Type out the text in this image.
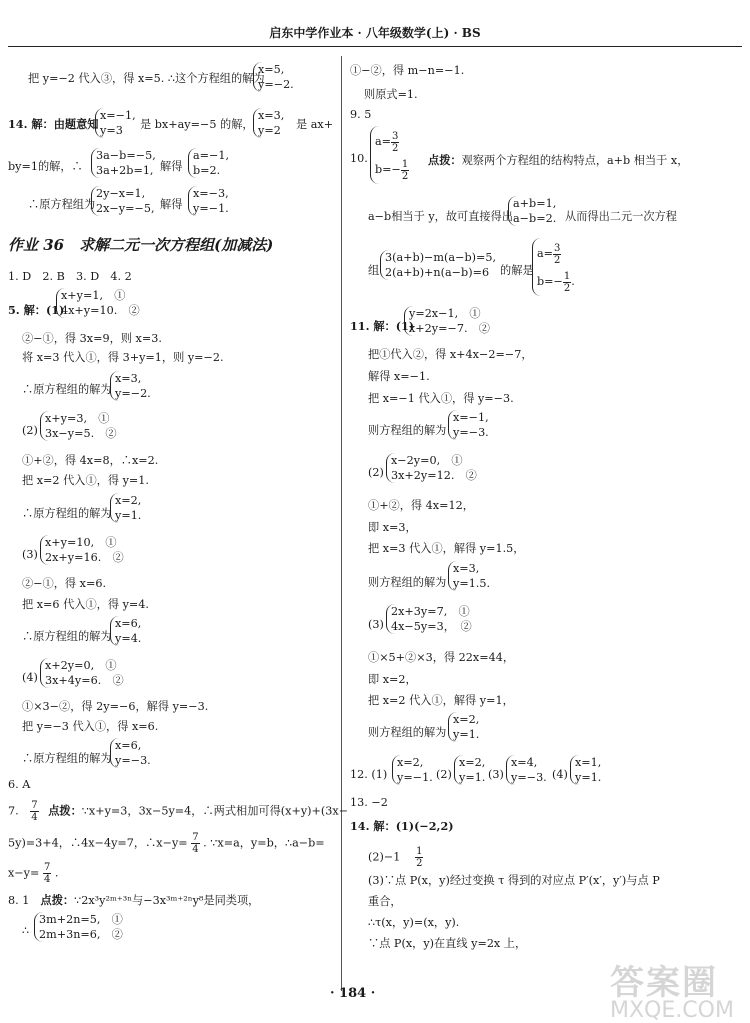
启东中学作业本 · 八年级数学(上) · BS
把 y=−2 代入③，得 x=5. ∴这个方程组的解为
x=5,
y=−2.
14. 解：由题意知
x=−1,
y=3	是 bx+ay=−5 的解，
x=3,
y=2	是 ax+
by=1的解，∴
3a−b=−5,
3a+2b=1, 解得
a=−1,
b=2.
∴原方程组为
2y−x=1,
2x−y=−5, 解得
x=−3,
y=−1.
作业 36　求解二元一次方程组(加减法)
1. D　2. B　3. D　4. 2
5. 解：(1)
x+y=1,　①
4x+y=10.　②
②−①，得 3x=9，则 x=3.
将 x=3 代入①，得 3+y=1，则 y=−2.
∴原方程组的解为
x=3,
y=−2.
(2)
x+y=3,　①
3x−y=5.　②
①+②，得 4x=8，∴x=2.
把 x=2 代入①，得 y=1.
∴原方程组的解为
x=2,
y=1.
(3)
x+y=10,　①
2x+y=16.　②
②−①，得 x=6.
把 x=6 代入①，得 y=4.
∴原方程组的解为
x=6,
y=4.
(4)
x+2y=0,　①
3x+4y=6.　②
①×3−②，得 2y=−6，解得 y=−3.
把 y=−3 代入①，得 x=6.
∴原方程组的解为
x=6,
y=−3.
6. A
7. $\frac{7}{4}$ 点拨：∵x+y=3，3x−5y=4，∴两式相加可得(x+y)+(3x−
5y)=3+4，∴4x−4y=7，∴x−y= $\frac{7}{4}$ . ∵x=a，y=b，∴a−b=
$x-y= \frac{7}{4}$ .
8. 1　点拨：∵2x³y²ᵐ⁺³ⁿ与−3x³ᵐ⁺²ⁿy⁸是同类项，
∴
3m+2n=5,　①
2m+3n=6,　②
①−②，得 m−n=−1.
则原式=1.
9. 5
10.
$a= \frac{3}{2}$
$b=- \frac{1}{2}$ 点拨：观察两个方程组的结构特点，a+b 相当于 x，
a−b相当于 y，故可直接得出
a+b=1,
a−b=2. 从而得出二元一次方程
组
3(a+b)−m(a−b)=5,
2(a+b)+n(a−b)=6 的解是
$a= \frac{3}{2}$
$b=- \frac{1}{2}$ .
11. 解：(1)
y=2x−1,　①
x+2y=−7.　②
把①代入②，得 x+4x−2=−7，
解得 x=−1.
把 x=−1 代入①，得 y=−3.
则方程组的解为
x=−1,
y=−3.
(2)
x−2y=0,　①
3x+2y=12.　②
①+②，得 4x=12，
即 x=3，
把 x=3 代入①，解得 y=1.5，
则方程组的解为
x=3,
y=1.5.
(3)
2x+3y=7,　①
4x−5y=3，　②
①×5+②×3，得 22x=44，
即 x=2，
把 x=2 代入①，解得 y=1，
则方程组的解为
x=2,
y=1.
12. (1)
x=2,
y=−1. (2)
x=2,
y=1. (3)
x=4,
y=−3. (4)
x=1,
y=1.
13. −2
14. 解：(1)(−2,2)
(2)−1　 $\frac{1}{2}$
(3)∵点 P(x，y)经过变换 τ 得到的对应点 P′(x′，y′)与点 P
重合，
∴τ(x，y)=(x，y).
∵点 P(x，y)在直线 y=2x 上，
· 184 ·	答案圈
MXQE.COM
